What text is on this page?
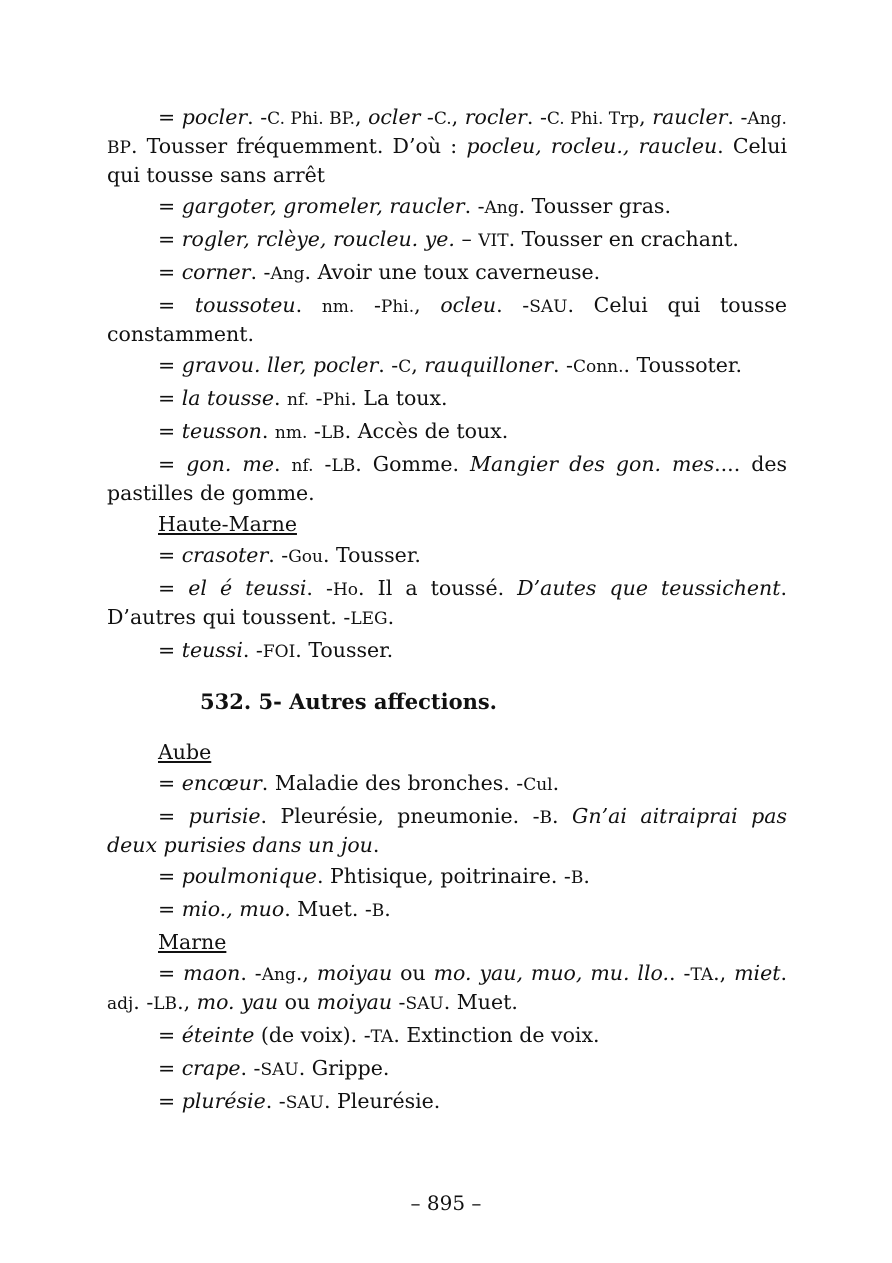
= pocler. -C. Phi. BP., ocler -C., rocler. -C. Phi. Trp, raucler. -Ang. BP. Tousser fréquemment. D’où : pocleu, rocleu., raucleu. Celui qui tousse sans arrêt

= gargoter, gromeler, raucler. -Ang. Tousser gras.

= rogler, rclèye, roucleu. ye. – VIT. Tousser en crachant.

= corner. -Ang. Avoir une toux caverneuse.

= toussoteu. nm. -Phi., ocleu. -SAU. Celui qui tousse constamment.

= gravou. ller, pocler. -C, rauquilloner. -Conn.. Toussoter.

= la tousse. nf. -Phi. La toux.

= teusson. nm. -LB. Accès de toux.

= gon. me. nf. -LB. Gomme. Mangier des gon. mes.... des pastilles de gomme.

Haute-Marne

= crasoter. -Gou. Tousser.

= el é teussi. -Ho. Il a toussé. D’autes que teussichent. D’autres qui toussent. -LEG.

= teussi. -FOI. Tousser.

532. 5- Autres affections.
Aube

= encœur. Maladie des bronches. -Cul.

= purisie. Pleurésie, pneumonie. -B. Gn’ai aitraiprai pas deux purisies dans un jou.

= poulmonique. Phtisique, poitrinaire. -B.

= mio., muo. Muet. -B.

Marne

= maon. -Ang., moiyau ou mo. yau, muo, mu. llo.. -TA., miet. adj. -LB., mo. yau ou moiyau -SAU. Muet.

= éteinte (de voix). -TA. Extinction de voix.

= crape. -SAU. Grippe.

= plurésie. -SAU. Pleurésie.

– 895 –
